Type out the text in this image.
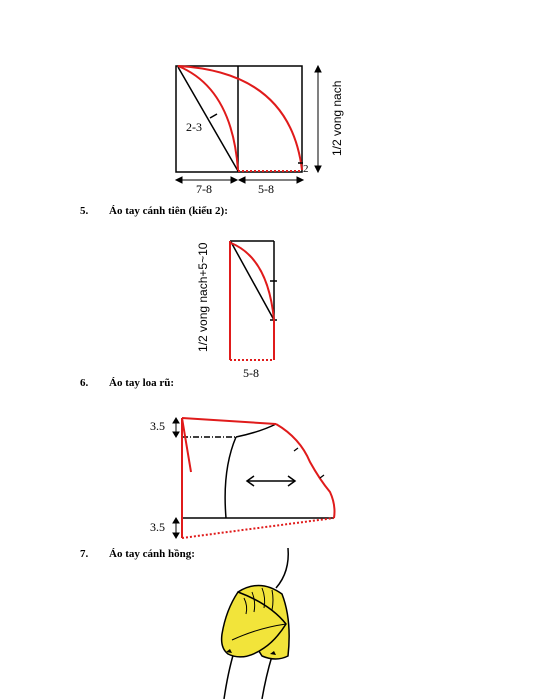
2-3
7-8	5-8
2
1/2 vong nach
5. Áo tay cánh tiên (kiểu 2):
1/2 vong nach+5~10
5-8
6. Áo tay loa rũ:
3.5
3.5
7. Áo tay cánh hồng:
